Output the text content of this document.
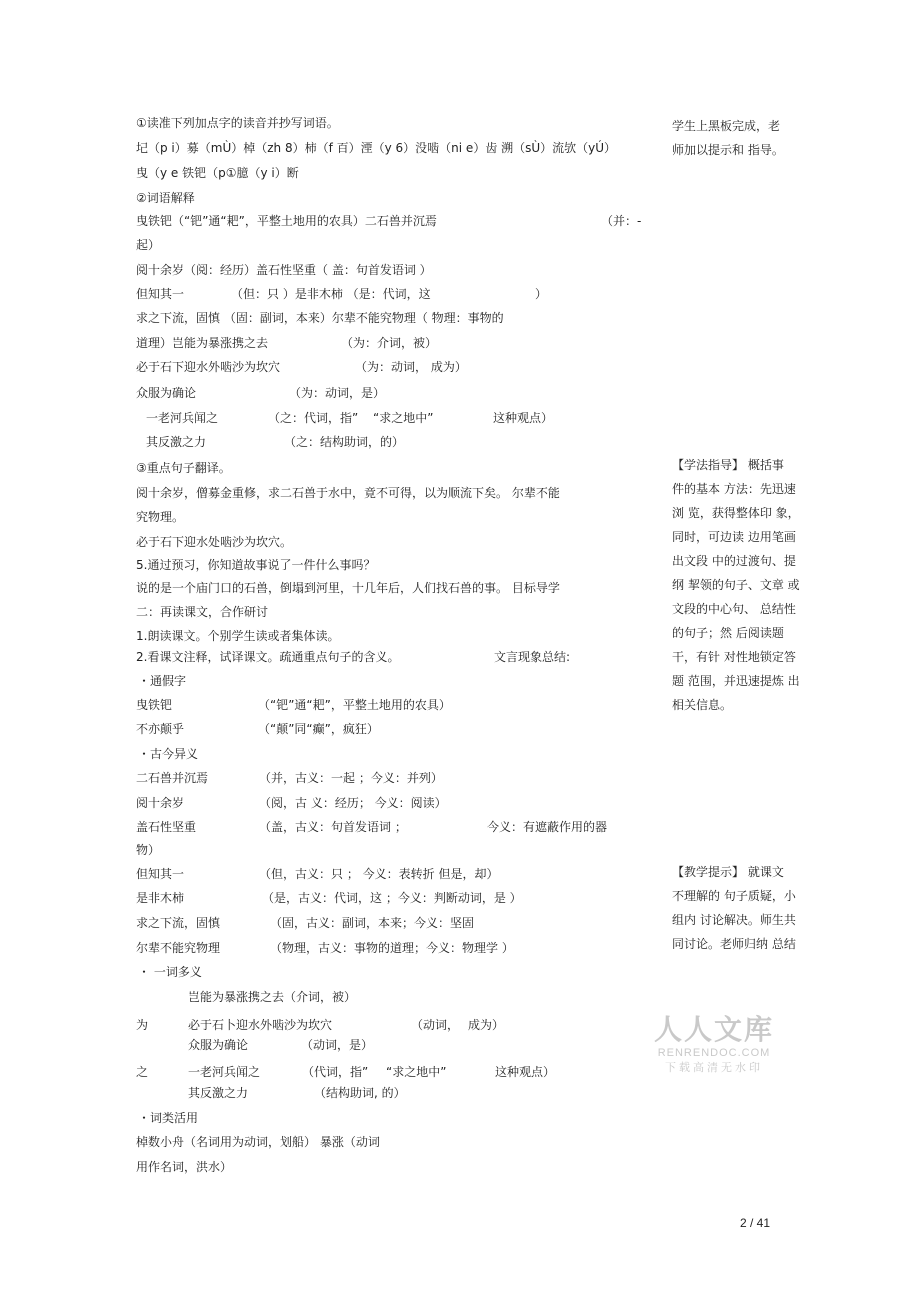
①读准下列加点字的读音并抄写词语。
圮（p i）募（mÙ）棹（zh 8）柿（f 百）湮（y 6）没啮（ni e）齿 溯（sÙ）流欤（yÚ）
曳（y e 铁钯（p①臆（y i）断
②词语解释
曳铁钯（“钯”通“耙”，平整土地用的农具）二石兽并沉焉	（并：-
起）
阅十余岁（阅：经历）盖石性坚重（ 盖：句首发语词 ）
但知其一	（但：只 ）是非木柿 （是：代词，这	）
求之下流，固慎 （固：副词，本来）尔辈不能究物理（ 物理：事物的
道理）岂能为暴涨携之去	（为：介词，被）
必于石下迎水外啮沙为坎穴	（为：动词， 成为）
众服为确论	（为：动词，是）
一老河兵闻之	（之：代词，指” “求之地中”	这种观点）
其反激之力	（之：结构助词，的）
③重点句子翻译。
阅十余岁，僧募金重修，求二石兽于水中，竟不可得，以为顺流下矣。 尔辈不能
究物理。
必于石下迎水处啮沙为坎穴。
5.通过预习，你知道故事说了一件什么事吗？
说的是一个庙门口的石兽，倒塌到河里，十几年后，人们找石兽的事。 目标导学
二：再读课文，合作研讨
1.朗读课文。个别学生读或者集体读。
2.看课文注释，试译课文。疏通重点句子的含义。	文言现象总结:
・通假字
曳铁钯	（“钯”通“耙”，平整土地用的农具）
不亦颠乎	（“颠”同“癫”，疯狂）
・古今异义
二石兽并沉焉	（并，古义：一起 ；今义：并列）
阅十余岁	（阅，古 义：经历； 今义：阅读）
盖石性坚重	（盖，古义：句首发语词 ；	今义：有遮蔽作用的器
物）
但知其一	（但，古义：只 ； 今义：表转折 但是，却）
是非木柿	（是，古义：代词，这 ；今义：判断动词，是 ）
求之下流，固慎	（固，古义：副词，本来；今义：坚固
尔辈不能究物理	（物理，古义：事物的道理；今义：物理学 ）
・ 一词多义
岂能为暴涨携之去（介词，被）
为	必于石卜迎水外啮沙为坎穴	（动词， 成为）
众服为确论	（动词，是）
之	一老河兵闻之	（代词，指” “求之地中”	这种观点）
其反激之力	（结构助词, 的）
・词类活用
棹数小舟（名词用为动词，划船） 暴涨（动词
用作名词，洪水）

学生上黑板完成，老

师加以提示和 指导。

【学法指导】 概括事

件的基本 方法：先迅速

浏 览，获得整体印 象，

同时，可边读 边用笔画

出文段 中的过渡句、提

纲 挈领的句子、文章 或

文段的中心句、 总结性

的句子；然 后阅读题

干，有针 对性地锁定答

题 范围，并迅速提炼 出

相关信息。

【教学提示】 就课文

不理解的 句子质疑，小

组内 讨论解决。师生共

同讨论。老师归纳 总结

人人文库
RENRENDOC.COM
下载高清无水印
2 / 41
